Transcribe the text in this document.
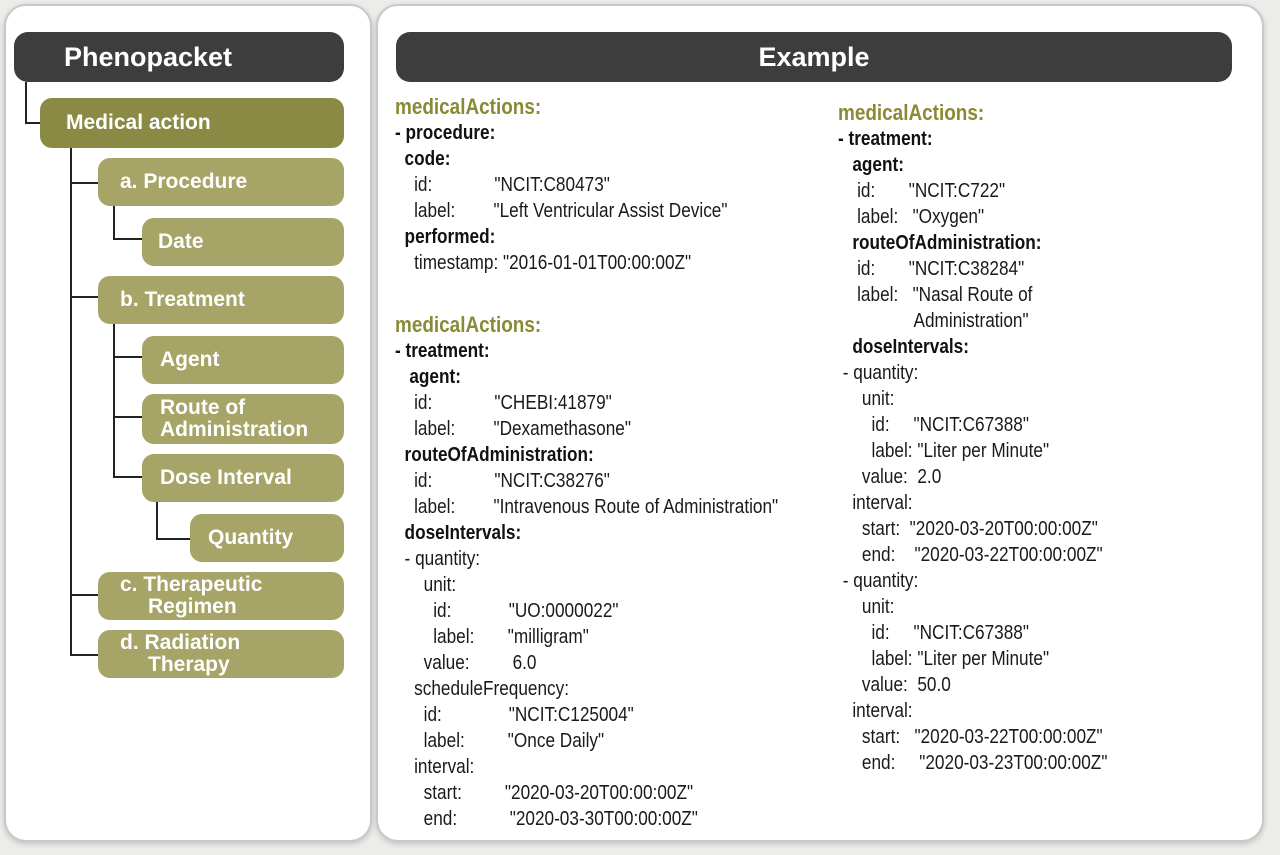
Phenopacket	Example
Medical action
a. Procedure
Date
b. Treatment
Agent
Route of
Administration
Dose Interval
Quantity
c. Therapeutic
Regimen
d. Radiation
Therapy
medicalActions:
- procedure:
code:
id:             "NCIT:C80473"
label:        "Left Ventricular Assist Device"
performed:
timestamp: "2016-01-01T00:00:00Z"
medicalActions:
- treatment:
agent:
id:             "CHEBI:41879"
label:        "Dexamethasone"
routeOfAdministration:
id:             "NCIT:C38276"
label:        "Intravenous Route of Administration"
doseIntervals:
- quantity:
unit:
id:            "UO:0000022"
label:       "milligram"
value:         6.0
scheduleFrequency:
id:              "NCIT:C125004"
label:         "Once Daily"
interval:
start:         "2020-03-20T00:00:00Z"
end:           "2020-03-30T00:00:00Z"
medicalActions:
- treatment:
agent:
id:       "NCIT:C722"
label:   "Oxygen"
routeOfAdministration:
id:       "NCIT:C38284"
label:   "Nasal Route of
Administration"
doseIntervals:
- quantity:
unit:
id:     "NCIT:C67388"
label: "Liter per Minute"
value:  2.0
interval:
start:  "2020-03-20T00:00:00Z"
end:    "2020-03-22T00:00:00Z"
- quantity:
unit:
id:     "NCIT:C67388"
label: "Liter per Minute"
value:  50.0
interval:
start:   "2020-03-22T00:00:00Z"
end:     "2020-03-23T00:00:00Z"
